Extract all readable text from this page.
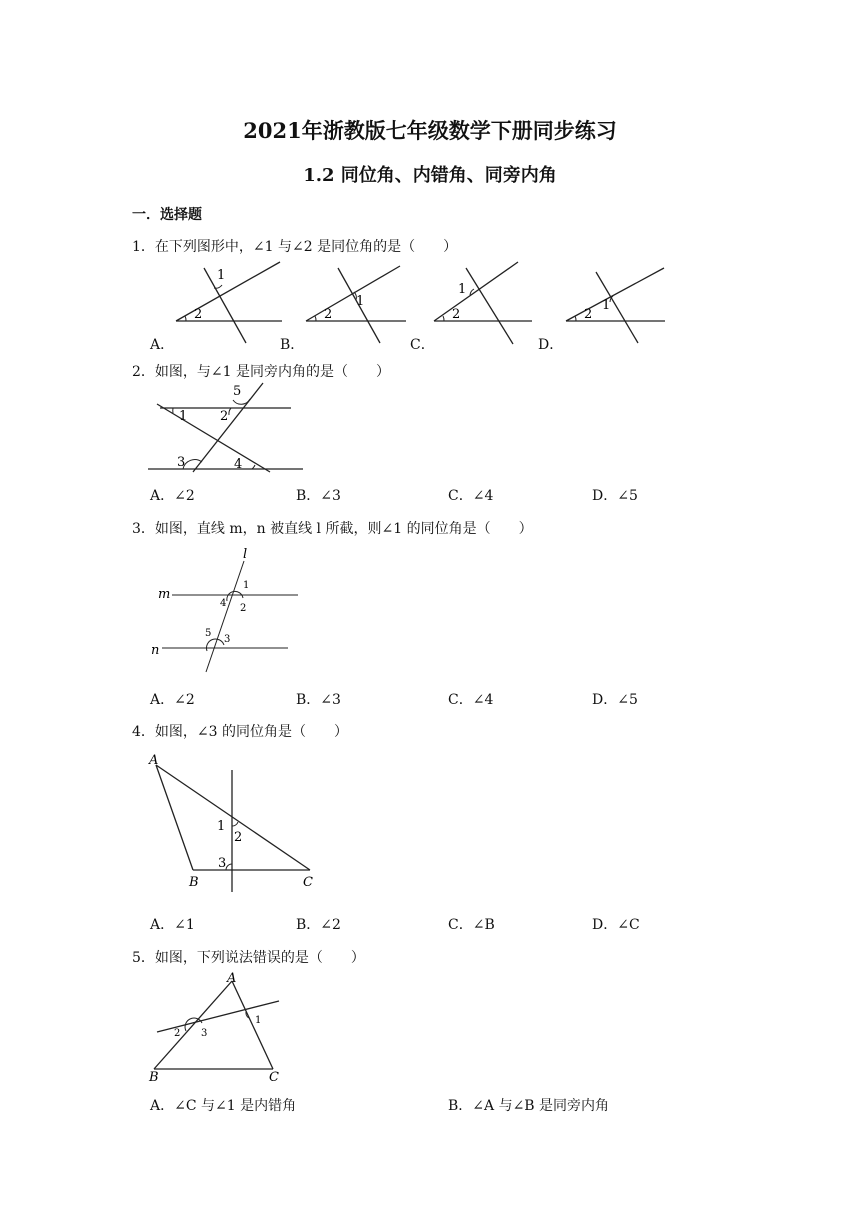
2021年浙教版七年级数学下册同步练习
1.2 同位角、内错角、同旁内角
一．选择题
1．在下列图形中，∠1 与∠2 是同位角的是（　　）
1
2
1
2
1
2
1
2
A．	B．	C．	D．
2．如图，与∠1 是同旁内角的是（　　）
5
1	2
3	4
A．∠2	B．∠3	C．∠4	D．∠5
3．如图，直线 m，n 被直线 l 所截，则∠1 的同位角是（　　）
l
m
n
1
2
4
5
3
A．∠2	B．∠3	C．∠4	D．∠5
4．如图，∠3 的同位角是（　　）
A
1
2
3
B	C
A．∠1	B．∠2	C．∠B	D．∠C
5．如图，下列说法错误的是（　　）
A
2 3
1
B	C
A．∠C 与∠1 是内错角	B．∠A 与∠B 是同旁内角
